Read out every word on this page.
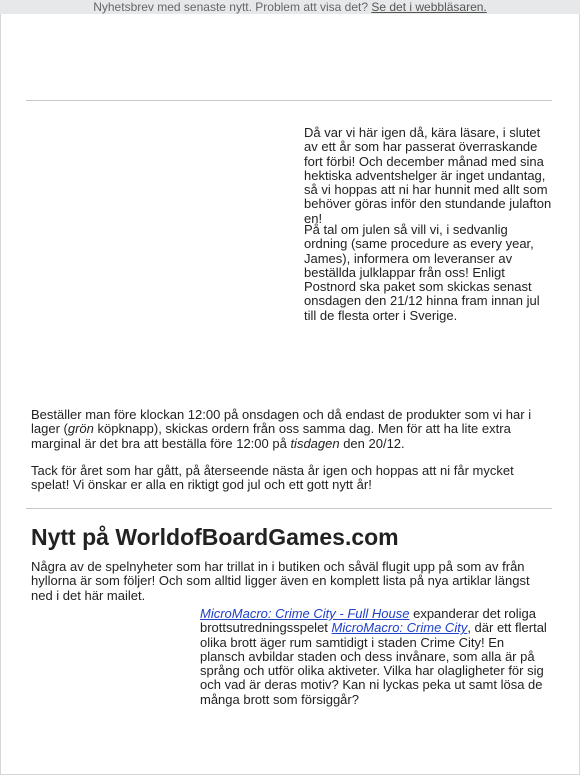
Nyhetsbrev med senaste nytt. Problem att visa det? Se det i webbläsaren.

Då var vi här igen då, kära läsare, i slutet av ett år som har passerat överraskande fort förbi! Och december månad med sina hektiska adventshelger är inget undantag, så vi hoppas att ni har hunnit med allt som behöver göras inför den stundande julafton en!

På tal om julen så vill vi, i sedvanlig ordning (same procedure as every year, James), informera om leveranser av beställda julklappar från oss! Enligt Postnord ska paket som skickas senast onsdagen den 21/12 hinna fram innan jul till de flesta orter i Sverige.

Beställer man före klockan 12:00 på onsdagen och då endast de produkter som vi har i lager (grön köpknapp), skickas ordern från oss samma dag. Men för att ha lite extra marginal är det bra att beställa före 12:00 på tisdagen den 20/12.

Tack för året som har gått, på återseende nästa år igen och hoppas att ni får mycket spelat! Vi önskar er alla en riktigt god jul och ett gott nytt år!

Nytt på WorldofBoardGames.com

Några av de spelnyheter som har trillat in i butiken och såväl flugit upp på som av från hyllorna är som följer! Och som alltid ligger även en komplett lista på nya artiklar längst ned i det här mailet.

MicroMacro: Crime City - Full House expanderar det roliga brottsutredningsspelet MicroMacro: Crime City, där ett flertal olika brott äger rum samtidigt i staden Crime City! En plansch avbildar staden och dess invånare, som alla är på språng och utför olika aktiveter. Vilka har olagligheter för sig och vad är deras motiv? Kan ni lyckas peka ut samt lösa de många brott som försiggår?
